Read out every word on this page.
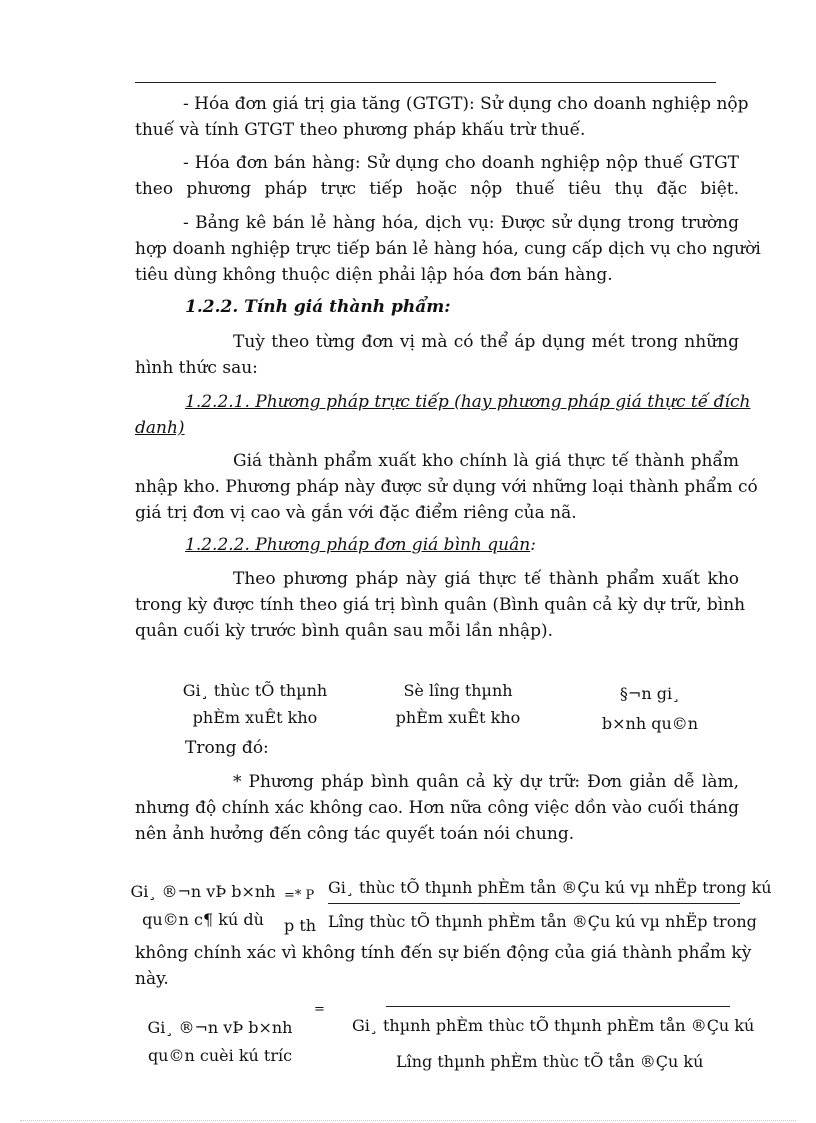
- Hóa đơn giá trị gia tăng (GTGT): Sử dụng cho doanh nghiệp nộp
thuế và tính GTGT theo phương pháp khấu trừ thuế.
- Hóa đơn bán hàng: Sử dụng cho doanh nghiệp nộp thuế GTGT
theo phương pháp trực tiếp hoặc nộp thuế tiêu thụ đặc biệt.
- Bảng kê bán lẻ hàng hóa, dịch vụ: Được sử dụng trong trường
hợp doanh nghiệp trực tiếp bán lẻ hàng hóa, cung cấp dịch vụ cho người
tiêu dùng không thuộc diện phải lập hóa đơn bán hàng.
1.2.2. Tính giá thành phẩm:
Tuỳ theo từng đơn vị mà có thể áp dụng mét trong những
hình thức sau:
1.2.2.1. Phương pháp trực tiếp (hay phương pháp giá thực tế đích
danh)
Giá thành phẩm xuất kho chính là giá thực tế thành phẩm
nhập kho. Phương pháp này được sử dụng với những loại thành phẩm có
giá trị đơn vị cao và gắn với đặc điểm riêng của nã.
1.2.2.2. Phương pháp đơn giá bình quân:
Theo phương pháp này giá thực tế thành phẩm xuất kho
trong kỳ được tính theo giá trị bình quân (Bình quân cả kỳ dự trữ, bình
quân cuối kỳ trước bình quân sau mỗi lần nhập).
Gi¸ thùc tÕ thµnh
phÈm xuÊt kho
Sè lîng thµnh
phÈm xuÊt kho
§¬n gi¸
b×nh qu©n
Trong đó:
* Phương pháp bình quân cả kỳ dự trữ: Đơn giản dễ làm,
nhưng độ chính xác không cao. Hơn nữa công việc dồn vào cuối tháng
nên ảnh hưởng đến công tác quyết toán nói chung.
Gi¸ ®¬n vÞ b×nh
qu©n c¶ kú dù
=* P
p th
Gi¸ thùc tÕ thµnh phÈm tån ®Çu kú vµ nhËp trong kú
Lîng thùc tÕ thµnh phÈm tån ®Çu kú vµ nhËp trong
không chính xác vì không tính đến sự biến động của giá thành phẩm kỳ
này.
Gi¸ ®¬n vÞ b×nh
qu©n cuèi kú tríc
=
Gi¸ thµnh phÈm thùc tÕ thµnh phÈm tån ®Çu kú
Lîng thµnh phÈm thùc tÕ tån ®Çu kú
